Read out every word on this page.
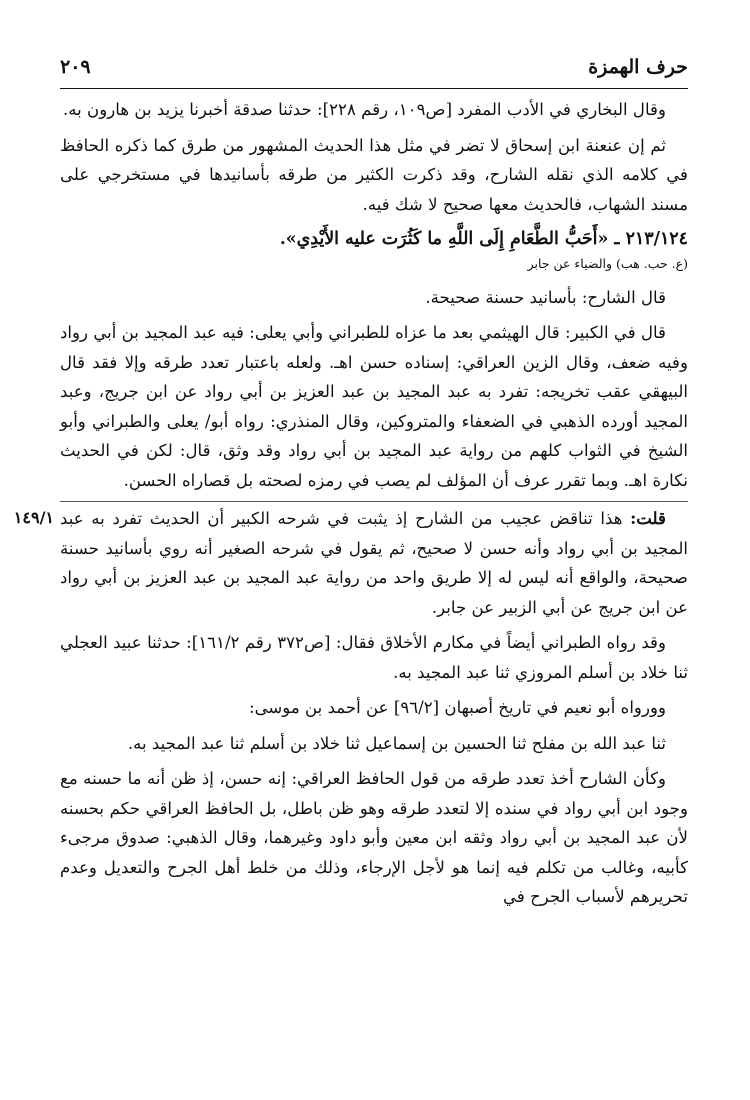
حرف الهمزة
٢٠٩

وقال البخاري في الأدب المفرد [ص١٠٩، رقم ٢٢٨]: حدثنا صدقة أخبرنا يزيد بن هارون به.

ثم إن عنعنة ابن إسحاق لا تضر في مثل هذا الحديث المشهور من طرق كما ذكره الحافظ في كلامه الذي نقله الشارح، وقد ذكرت الكثير من طرقه بأسانيدها في مستخرجي على مسند الشهاب، فالحديث معها صحيح لا شك فيه.

٢١٣/١٢٤ ـ «أَحَبُّ الطَّعَامِ إِلَى اللَّهِ ما كَثُرَت عليه الأَيْدِي».

(ع. حب. هب) والضياء عن جابر

قال الشارح: بأسانيد حسنة صحيحة.

قال في الكبير: قال الهيثمي بعد ما عزاه للطبراني وأبي يعلى: فيه عبد المجيد بن أبي رواد وفيه ضعف، وقال الزين العراقي: إسناده حسن اهـ. ولعله باعتبار تعدد طرقه وإلا فقد قال البيهقي عقب تخريجه: تفرد به عبد المجيد بن عبد العزيز بن أبي رواد عن ابن جريج، وعبد المجيد أورده الذهبي في الضعفاء والمتروكين، وقال المنذري: رواه أبو/ يعلى والطبراني وأبو الشيخ في الثواب كلهم من رواية عبد المجيد بن أبي رواد وقد وثق، قال: لكن في الحديث نكارة اهـ. وبما تقرر عرف أن المؤلف لم يصب في رمزه لصحته بل قصاراه الحسن.

قلت: هذا تناقض عجيب من الشارح إذ يثبت في شرحه الكبير أن الحديث تفرد به عبد المجيد بن أبي رواد وأنه حسن لا صحيح، ثم يقول في شرحه الصغير أنه روي بأسانيد حسنة صحيحة، والواقع أنه ليس له إلا طريق واحد من رواية عبد المجيد بن عبد العزيز بن أبي رواد عن ابن جريج عن أبي الزبير عن جابر.

وقد رواه الطبراني أيضاً في مكارم الأخلاق فقال: [ص٣٧٢ رقم ١٦١/٢]: حدثنا عبيد العجلي ثنا خلاد بن أسلم المروزي ثنا عبد المجيد به.

وورواه أبو نعيم في تاريخ أصبهان [٩٦/٢] عن أحمد بن موسى:

ثنا عبد الله بن مفلح ثنا الحسين بن إسماعيل ثنا خلاد بن أسلم ثنا عبد المجيد به.

وكأن الشارح أخذ تعدد طرقه من قول الحافظ العراقي: إنه حسن، إذ ظن أنه ما حسنه مع وجود ابن أبي رواد في سنده إلا لتعدد طرقه وهو ظن باطل، بل الحافظ العراقي حكم بحسنه لأن عبد المجيد بن أبي رواد وثقه ابن معين وأبو داود وغيرهما، وقال الذهبي: صدوق مرجىء كأبيه، وغالب من تكلم فيه إنما هو لأجل الإرجاء، وذلك من خلط أهل الجرح والتعديل وعدم تحريرهم لأسباب الجرح في

١٤٩/١
